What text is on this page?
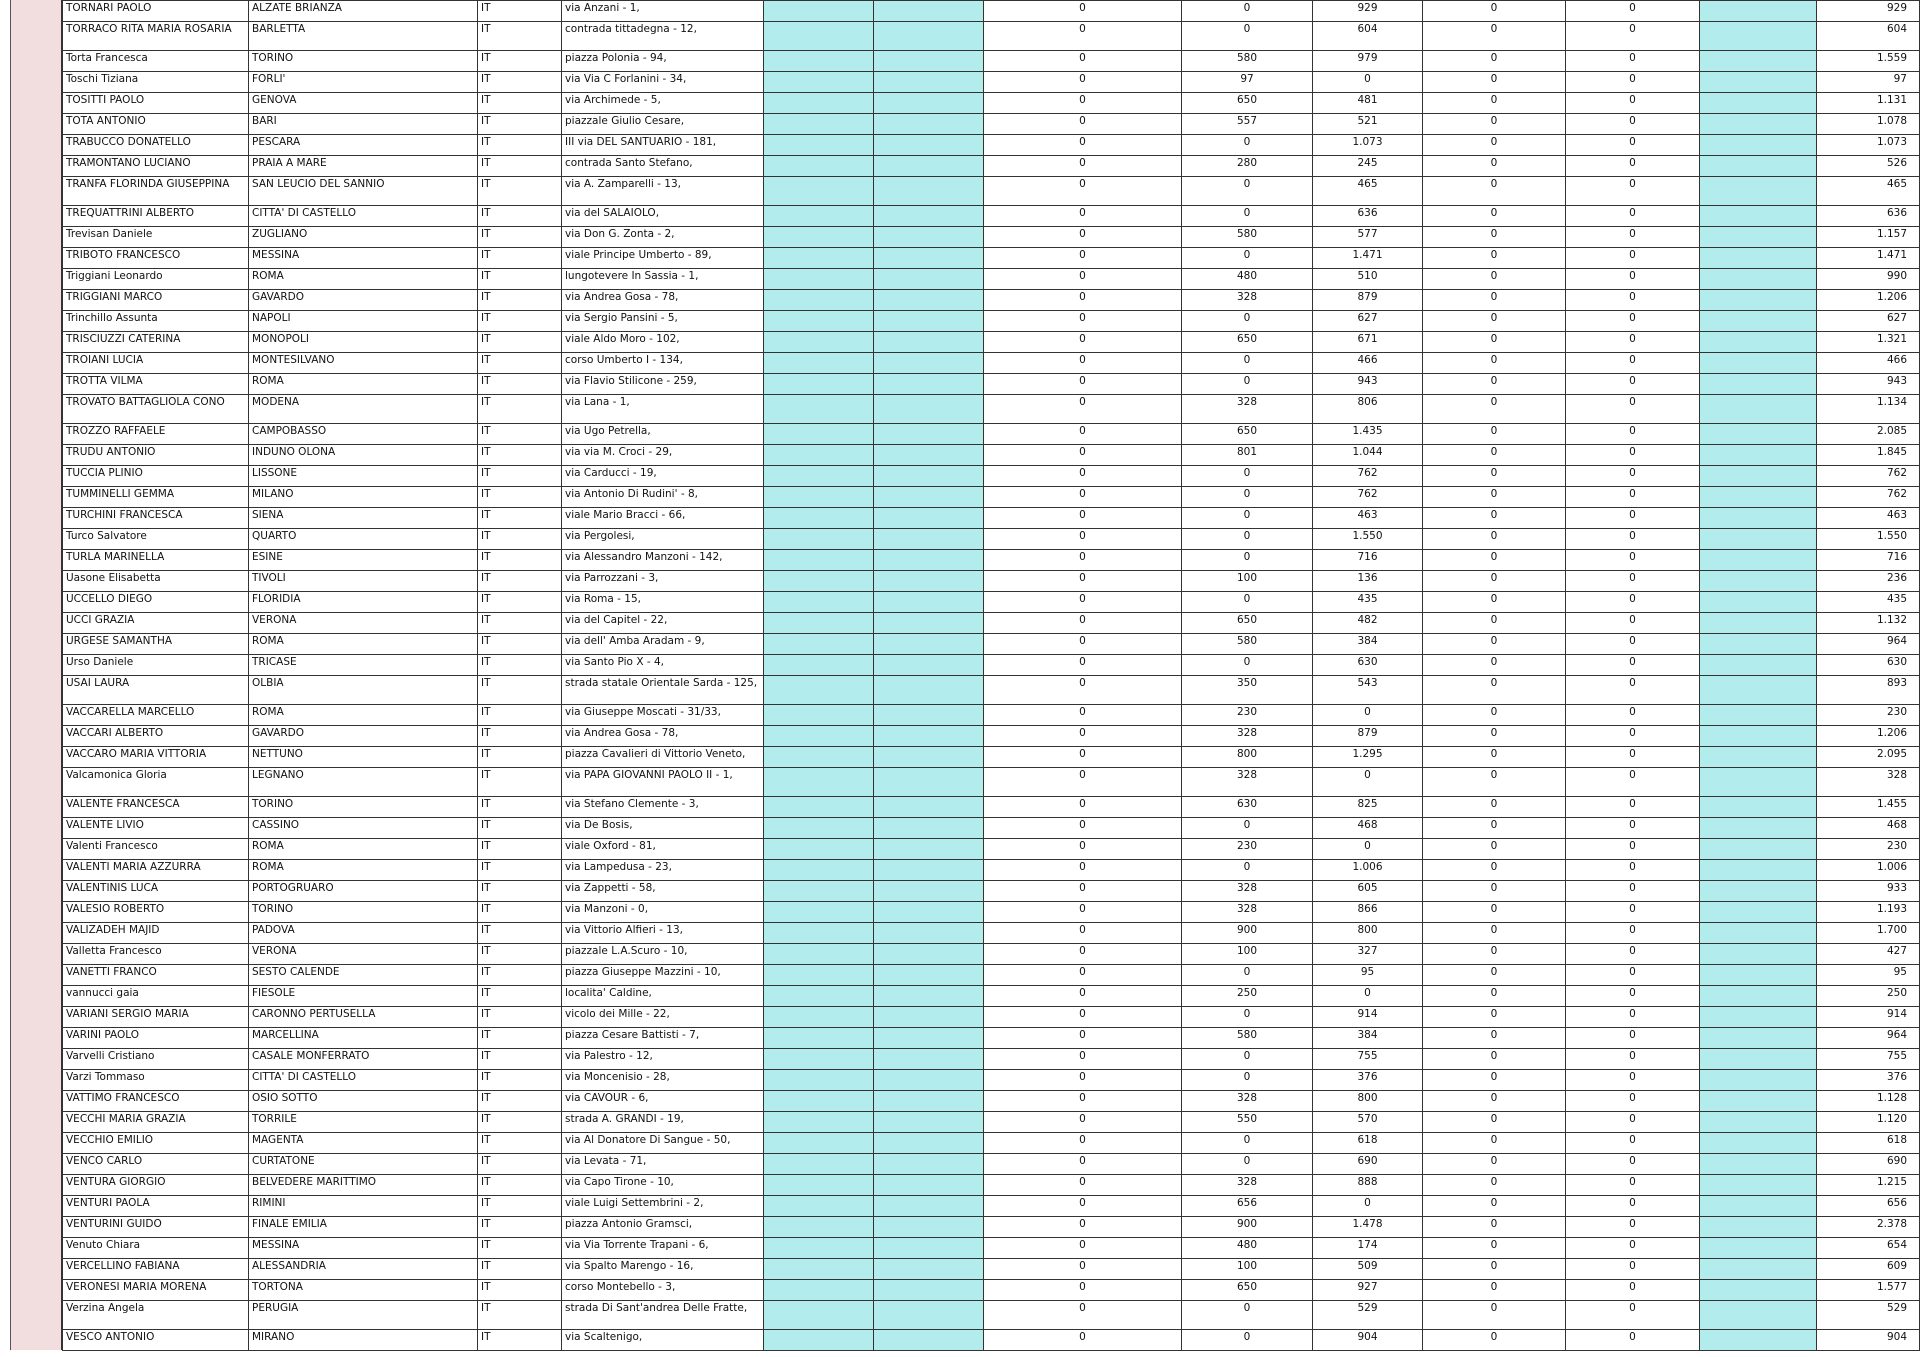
TORNARI PAOLO	ALZATE BRIANZA	IT	via Anzani - 1,			0	0	929	0	0		929
TORRACO RITA MARIA ROSARIA	BARLETTA	IT	contrada tittadegna - 12,			0	0	604	0	0		604
Torta Francesca	TORINO	IT	piazza Polonia - 94,			0	580	979	0	0		1.559
Toschi Tiziana	FORLI'	IT	via Via C Forlanini - 34,			0	97	0	0	0		97
TOSITTI PAOLO	GENOVA	IT	via Archimede - 5,			0	650	481	0	0		1.131
TOTA ANTONIO	BARI	IT	piazzale Giulio Cesare,			0	557	521	0	0		1.078
TRABUCCO DONATELLO	PESCARA	IT	III via DEL SANTUARIO - 181,			0	0	1.073	0	0		1.073
TRAMONTANO LUCIANO	PRAIA A MARE	IT	contrada Santo Stefano,			0	280	245	0	0		526
TRANFA FLORINDA GIUSEPPINA	SAN LEUCIO DEL SANNIO	IT	via A. Zamparelli - 13,			0	0	465	0	0		465
TREQUATTRINI ALBERTO	CITTA' DI CASTELLO	IT	via del SALAIOLO,			0	0	636	0	0		636
Trevisan Daniele	ZUGLIANO	IT	via Don G. Zonta - 2,			0	580	577	0	0		1.157
TRIBOTO FRANCESCO	MESSINA	IT	viale Principe Umberto - 89,			0	0	1.471	0	0		1.471
Triggiani Leonardo	ROMA	IT	lungotevere In Sassia - 1,			0	480	510	0	0		990
TRIGGIANI MARCO	GAVARDO	IT	via Andrea Gosa - 78,			0	328	879	0	0		1.206
Trinchillo Assunta	NAPOLI	IT	via Sergio Pansini - 5,			0	0	627	0	0		627
TRISCIUZZI CATERINA	MONOPOLI	IT	viale Aldo Moro - 102,			0	650	671	0	0		1.321
TROIANI LUCIA	MONTESILVANO	IT	corso Umberto I - 134,			0	0	466	0	0		466
TROTTA VILMA	ROMA	IT	via Flavio Stilicone - 259,			0	0	943	0	0		943
TROVATO BATTAGLIOLA CONO	MODENA	IT	via Lana - 1,			0	328	806	0	0		1.134
TROZZO RAFFAELE	CAMPOBASSO	IT	via Ugo Petrella,			0	650	1.435	0	0		2.085
TRUDU ANTONIO	INDUNO OLONA	IT	via via M. Croci - 29,			0	801	1.044	0	0		1.845
TUCCIA PLINIO	LISSONE	IT	via Carducci - 19,			0	0	762	0	0		762
TUMMINELLI GEMMA	MILANO	IT	via Antonio Di Rudini' - 8,			0	0	762	0	0		762
TURCHINI FRANCESCA	SIENA	IT	viale Mario Bracci - 66,			0	0	463	0	0		463
Turco Salvatore	QUARTO	IT	via Pergolesi,			0	0	1.550	0	0		1.550
TURLA MARINELLA	ESINE	IT	via Alessandro Manzoni - 142,			0	0	716	0	0		716
Uasone Elisabetta	TIVOLI	IT	via Parrozzani - 3,			0	100	136	0	0		236
UCCELLO DIEGO	FLORIDIA	IT	via Roma - 15,			0	0	435	0	0		435
UCCI GRAZIA	VERONA	IT	via del Capitel - 22,			0	650	482	0	0		1.132
URGESE SAMANTHA	ROMA	IT	via dell' Amba Aradam - 9,			0	580	384	0	0		964
Urso Daniele	TRICASE	IT	via Santo Pio X - 4,			0	0	630	0	0		630
USAI LAURA	OLBIA	IT	strada statale Orientale Sarda - 125,			0	350	543	0	0		893
VACCARELLA MARCELLO	ROMA	IT	via Giuseppe Moscati - 31/33,			0	230	0	0	0		230
VACCARI ALBERTO	GAVARDO	IT	via Andrea Gosa - 78,			0	328	879	0	0		1.206
VACCARO MARIA VITTORIA	NETTUNO	IT	piazza Cavalieri di Vittorio Veneto,			0	800	1.295	0	0		2.095
Valcamonica Gloria	LEGNANO	IT	via PAPA GIOVANNI PAOLO II - 1,			0	328	0	0	0		328
VALENTE FRANCESCA	TORINO	IT	via Stefano Clemente - 3,			0	630	825	0	0		1.455
VALENTE LIVIO	CASSINO	IT	via De Bosis,			0	0	468	0	0		468
Valenti Francesco	ROMA	IT	viale Oxford - 81,			0	230	0	0	0		230
VALENTI MARIA AZZURRA	ROMA	IT	via Lampedusa - 23,			0	0	1.006	0	0		1.006
VALENTINIS LUCA	PORTOGRUARO	IT	via Zappetti - 58,			0	328	605	0	0		933
VALESIO ROBERTO	TORINO	IT	via Manzoni - 0,			0	328	866	0	0		1.193
VALIZADEH MAJID	PADOVA	IT	via Vittorio Alfieri - 13,			0	900	800	0	0		1.700
Valletta Francesco	VERONA	IT	piazzale L.A.Scuro - 10,			0	100	327	0	0		427
VANETTI FRANCO	SESTO CALENDE	IT	piazza Giuseppe Mazzini - 10,			0	0	95	0	0		95
vannucci gaia	FIESOLE	IT	localita' Caldine,			0	250	0	0	0		250
VARIANI SERGIO MARIA	CARONNO PERTUSELLA	IT	vicolo dei Mille - 22,			0	0	914	0	0		914
VARINI PAOLO	MARCELLINA	IT	piazza Cesare Battisti - 7,			0	580	384	0	0		964
Varvelli Cristiano	CASALE MONFERRATO	IT	via Palestro - 12,			0	0	755	0	0		755
Varzi Tommaso	CITTA' DI CASTELLO	IT	via Moncenisio - 28,			0	0	376	0	0		376
VATTIMO FRANCESCO	OSIO SOTTO	IT	via CAVOUR - 6,			0	328	800	0	0		1.128
VECCHI MARIA GRAZIA	TORRILE	IT	strada A. GRANDI - 19,			0	550	570	0	0		1.120
VECCHIO EMILIO	MAGENTA	IT	via Al Donatore Di Sangue - 50,			0	0	618	0	0		618
VENCO CARLO	CURTATONE	IT	via Levata - 71,			0	0	690	0	0		690
VENTURA GIORGIO	BELVEDERE MARITTIMO	IT	via Capo Tirone - 10,			0	328	888	0	0		1.215
VENTURI PAOLA	RIMINI	IT	viale Luigi Settembrini - 2,			0	656	0	0	0		656
VENTURINI GUIDO	FINALE EMILIA	IT	piazza Antonio Gramsci,			0	900	1.478	0	0		2.378
Venuto Chiara	MESSINA	IT	via Via Torrente Trapani - 6,			0	480	174	0	0		654
VERCELLINO FABIANA	ALESSANDRIA	IT	via Spalto Marengo - 16,			0	100	509	0	0		609
VERONESI MARIA MORENA	TORTONA	IT	corso Montebello - 3,			0	650	927	0	0		1.577
Verzina Angela	PERUGIA	IT	strada Di Sant'andrea Delle Fratte,			0	0	529	0	0		529
VESCO ANTONIO	MIRANO	IT	via Scaltenigo,			0	0	904	0	0		904
